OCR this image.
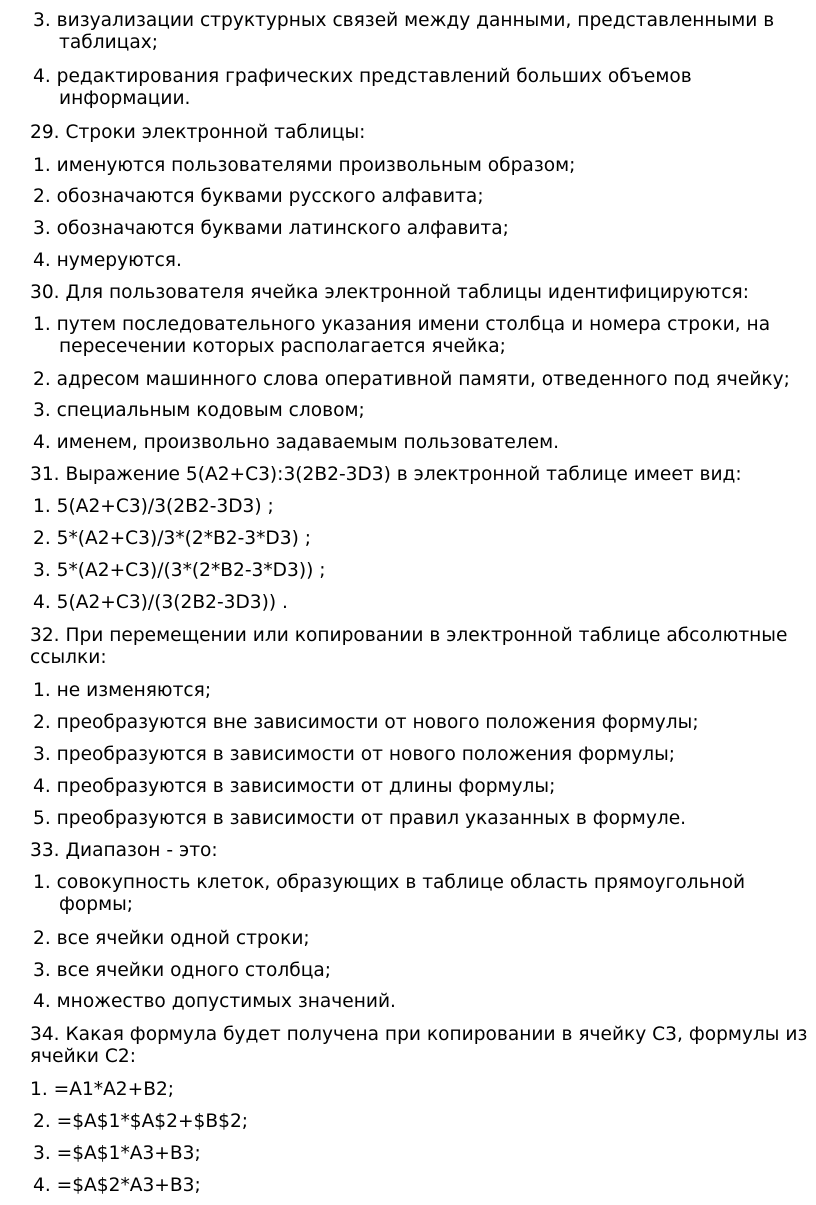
3. визуализации структурных связей между данными, представленными в таблицах;
4. редактирования графических представлений больших объемов информации.
29. Строки электронной таблицы:
1. именуются пользователями произвольным образом;
2. обозначаются буквами русского алфавита;
3. обозначаются буквами латинского алфавита;
4. нумеруются.
30. Для пользователя ячейка электронной таблицы идентифицируются:
1. путем последовательного указания имени столбца и номера строки, на пересечении которых располагается ячейка;
2. адресом машинного слова оперативной памяти, отведенного под ячейку;
3. специальным кодовым словом;
4. именем, произвольно задаваемым пользователем.
31. Выражение 5(A2+C3):3(2B2-3D3) в электронной таблице имеет вид:
1. 5(A2+C3)/3(2B2-3D3) ;
2. 5*(A2+C3)/3*(2*B2-3*D3) ;
3. 5*(A2+C3)/(3*(2*B2-3*D3)) ;
4. 5(A2+C3)/(3(2B2-3D3)) .
32. При перемещении или копировании в электронной таблице абсолютные ссылки:
1. не изменяются;
2. преобразуются вне зависимости от нового положения формулы;
3. преобразуются в зависимости от нового положения формулы;
4. преобразуются в зависимости от длины формулы;
5. преобразуются в зависимости от правил указанных в формуле.
33. Диапазон - это:
1. совокупность клеток, образующих в таблице область прямоугольной формы;
2. все ячейки одной строки;
3. все ячейки одного столбца;
4. множество допустимых значений.
34. Какая формула будет получена при копировании в ячейку С3, формулы из ячейки С2:
1. =A1*A2+B2;
2. =$A$1*$A$2+$B$2;
3. =$A$1*A3+B3;
4. =$A$2*A3+B3;
